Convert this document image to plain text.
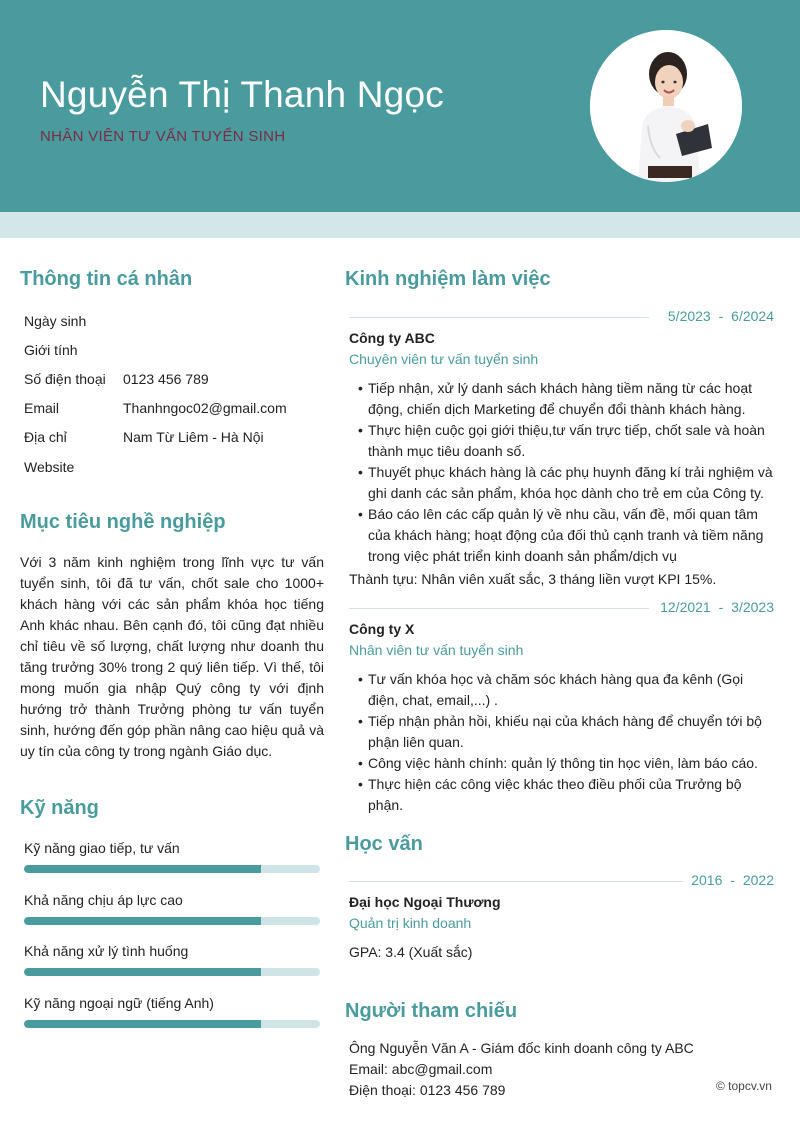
Nguyễn Thị Thanh Ngọc
NHÂN VIÊN TƯ VẤN TUYỂN SINH
Thông tin cá nhân
Ngày sinh
Giới tính
Số điện thoại	0123 456 789
Email	Thanhngoc02@gmail.com
Địa chỉ	Nam Từ Liêm - Hà Nội
Website
Mục tiêu nghề nghiệp
Với 3 năm kinh nghiệm trong lĩnh vực tư vấn tuyển sinh, tôi đã tư vấn, chốt sale cho 1000+ khách hàng với các sản phẩm khóa học tiếng Anh khác nhau. Bên cạnh đó, tôi cũng đạt nhiều chỉ tiêu về số lượng, chất lượng như doanh thu tăng trưởng 30% trong 2 quý liên tiếp. Vì thế, tôi mong muốn gia nhập Quý công ty với định hướng trở thành Trưởng phòng tư vấn tuyển sinh, hướng đến góp phần nâng cao hiệu quả và uy tín của công ty trong ngành Giáo dục.
Kỹ năng
Kỹ năng giao tiếp, tư vấn
Khả năng chịu áp lực cao
Khả năng xử lý tình huống
Kỹ năng ngoại ngữ (tiếng Anh)
Kinh nghiệm làm việc
5/2023 - 6/2024
Công ty ABC
Chuyên viên tư vấn tuyển sinh
• Tiếp nhận, xử lý danh sách khách hàng tiềm năng từ các hoạt động, chiến dịch Marketing để chuyển đổi thành khách hàng.
• Thực hiện cuộc gọi giới thiệu,tư vấn trực tiếp, chốt sale và hoàn thành mục tiêu doanh số.
• Thuyết phục khách hàng là các phụ huynh đăng kí trải nghiệm và ghi danh các sản phẩm, khóa học dành cho trẻ em của Công ty.
• Báo cáo lên các cấp quản lý về nhu cầu, vấn đề, mối quan tâm của khách hàng; hoạt động của đối thủ cạnh tranh và tiềm năng trong việc phát triển kinh doanh sản phẩm/dịch vụ
Thành tựu: Nhân viên xuất sắc, 3 tháng liền vượt KPI 15%.
12/2021 - 3/2023
Công ty X
Nhân viên tư vấn tuyển sinh
• Tư vấn khóa học và chăm sóc khách hàng qua đa kênh (Gọi điện, chat, email,...) .
• Tiếp nhận phản hồi, khiếu nại của khách hàng để chuyển tới bộ phận liên quan.
• Công việc hành chính: quản lý thông tin học viên, làm báo cáo.
• Thực hiện các công việc khác theo điều phối của Trưởng bộ phận.
Học vấn
2016 - 2022
Đại học Ngoại Thương
Quản trị kinh doanh
GPA: 3.4 (Xuất sắc)
Người tham chiếu
Ông Nguyễn Văn A - Giám đốc kinh doanh công ty ABC
Email: abc@gmail.com
Điện thoại: 0123 456 789	© topcv.vn
